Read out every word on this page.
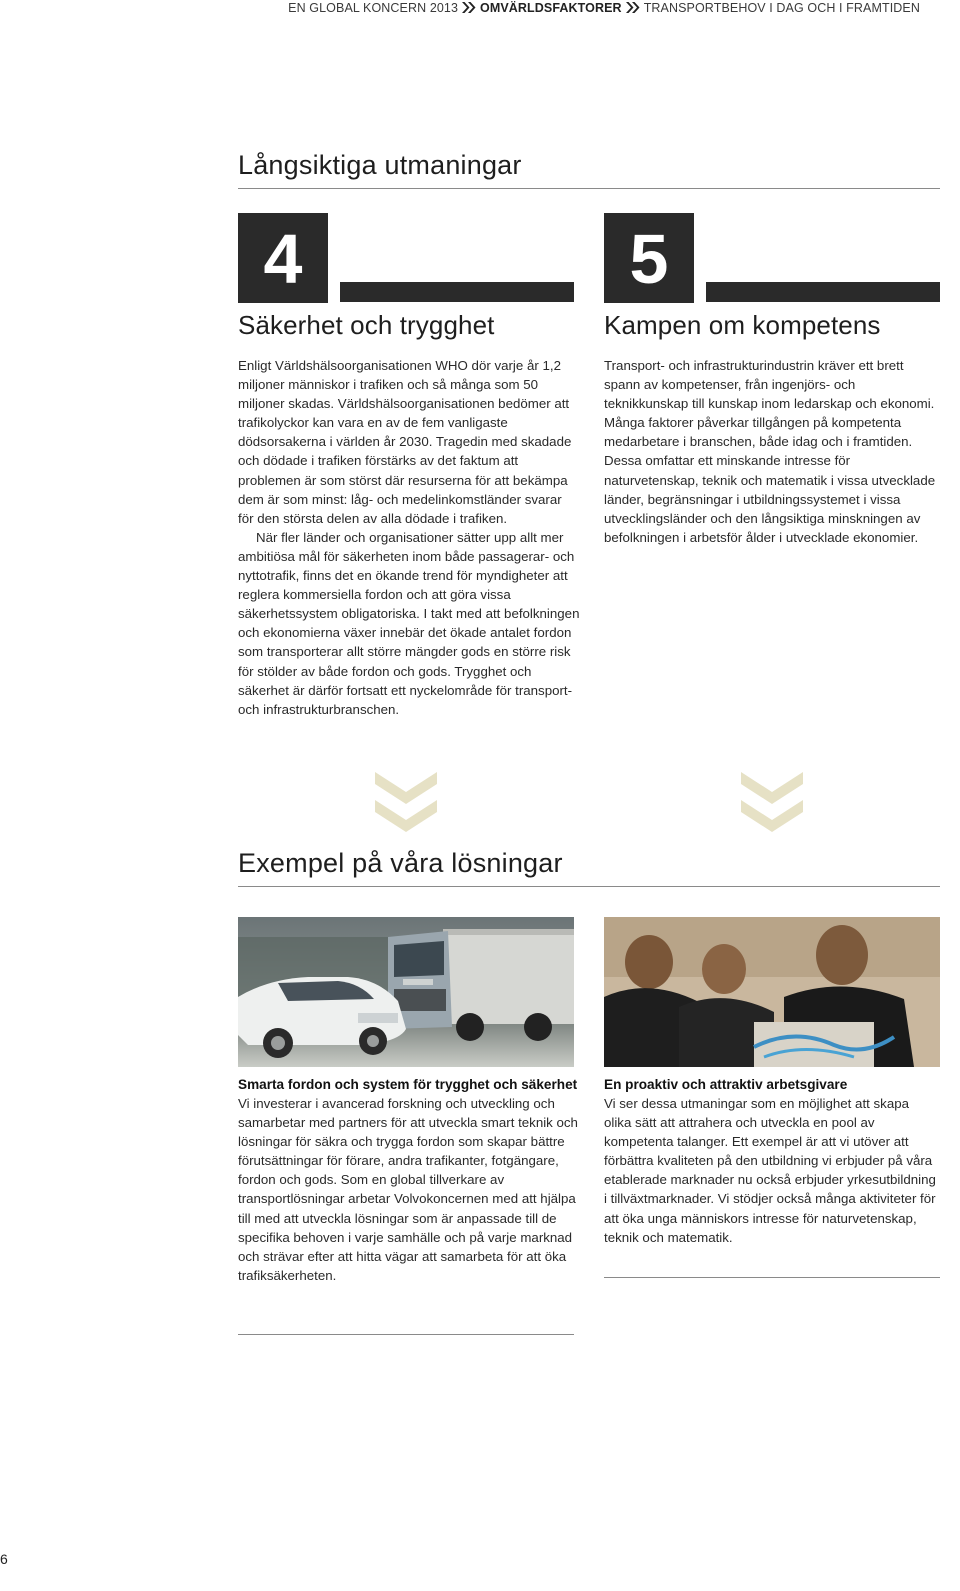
EN GLOBAL KONCERN 2013 OMVÄRLDSFAKTORER TRANSPORTBEHOV I DAG OCH I FRAMTIDEN
Långsiktiga utmaningar
4
Säkerhet och trygghet

Enligt Världshälsoorganisationen WHO dör varje år 1,2 miljoner människor i trafiken och så många som 50 miljoner skadas. Världshälsoorganisationen bedömer att trafikolyckor kan vara en av de fem vanligaste dödsorsakerna i världen år 2030. Tragedin med skadade och dödade i trafiken förstärks av det faktum att problemen är som störst där resurserna för att bekämpa dem är som minst: låg- och medelinkomstländer svarar för den största delen av alla dödade i trafiken.

När fler länder och organisationer sätter upp allt mer ambitiösa mål för säkerheten inom både passagerar- och nyttotrafik, finns det en ökande trend för myndigheter att reglera kommersiella fordon och att göra vissa säkerhetssystem obligatoriska. I takt med att befolkningen och ekonomierna växer innebär det ökade antalet fordon som transporterar allt större mängder gods en större risk för stölder av både fordon och gods. Trygghet och säkerhet är därför fortsatt ett nyckelområde för transport- och infrastrukturbranschen.

5
Kampen om kompetens

Transport- och infrastrukturindustrin kräver ett brett spann av kompetenser, från ingenjörs- och teknikkunskap till kunskap inom ledarskap och ekonomi. Många faktorer påverkar tillgången på kompetenta medarbetare i branschen, både idag och i framtiden. Dessa omfattar ett minskande intresse för naturvetenskap, teknik och matematik i vissa utvecklade länder, begränsningar i utbildningssystemet i vissa utvecklingsländer och den långsiktiga minskningen av befolkningen i arbetsför ålder i utvecklade ekonomier.

Exempel på våra lösningar
Smarta fordon och system för trygghet och säkerhet

Vi investerar i avancerad forskning och utveckling och samarbetar med partners för att utveckla smart teknik och lösningar för säkra och trygga fordon som skapar bättre förutsättningar för förare, andra trafikanter, fotgängare, fordon och gods. Som en global tillverkare av transportlösningar arbetar Volvokoncernen med att hjälpa till med att utveckla lösningar som är anpassade till de specifika behoven i varje samhälle och på varje marknad och strävar efter att hitta vägar att samarbeta för att öka trafiksäkerheten.

En proaktiv och attraktiv arbetsgivare

Vi ser dessa utmaningar som en möjlighet att skapa olika sätt att attrahera och utveckla en pool av kompetenta talanger. Ett exempel är att vi utöver att förbättra kvaliteten på den utbildning vi erbjuder på våra etablerade marknader nu också erbjuder yrkesutbildning i tillväxtmarknader. Vi stödjer också många aktiviteter för att öka unga människors intresse för naturvetenskap, teknik och matematik.

6
